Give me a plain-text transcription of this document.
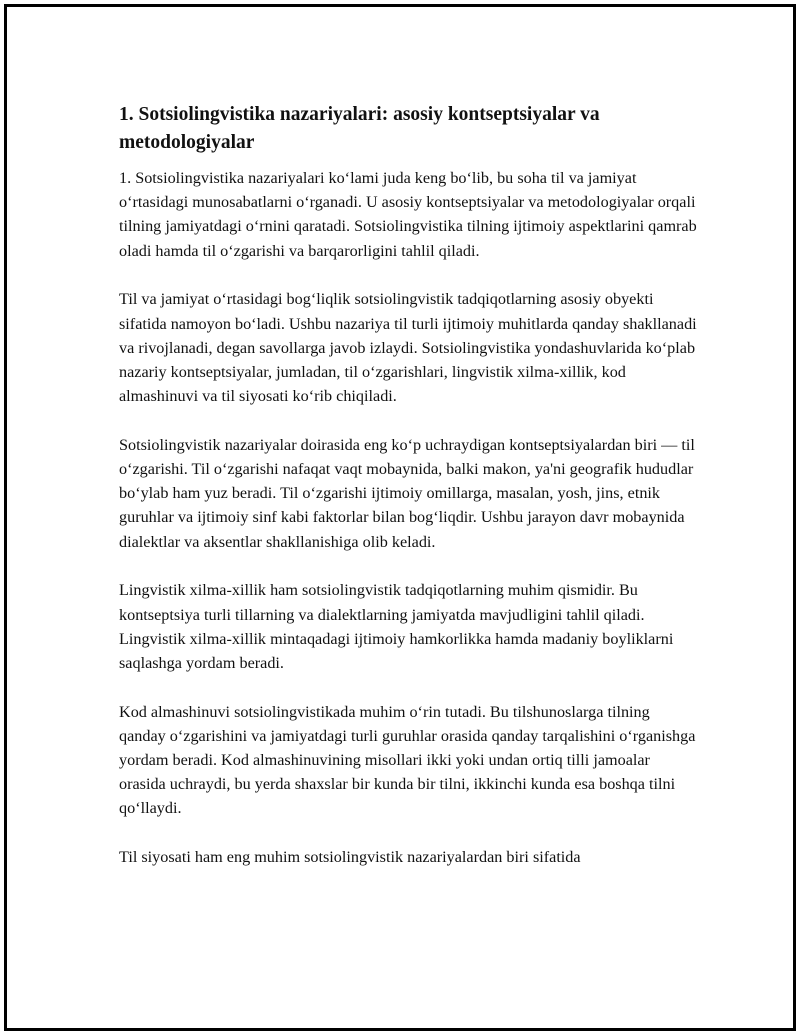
1. Sotsiolingvistika nazariyalari: asosiy kontseptsiyalar va metodologiyalar

1. Sotsiolingvistika nazariyalari ko‘lami juda keng bo‘lib, bu soha til va jamiyat o‘rtasidagi munosabatlarni o‘rganadi. U asosiy kontseptsiyalar va metodologiyalar orqali tilning jamiyatdagi o‘rnini qaratadi. Sotsiolingvistika tilning ijtimoiy aspektlarini qamrab oladi hamda til o‘zgarishi va barqarorligini tahlil qiladi.

Til va jamiyat o‘rtasidagi bog‘liqlik sotsiolingvistik tadqiqotlarning asosiy obyekti sifatida namoyon bo‘ladi. Ushbu nazariya til turli ijtimoiy muhitlarda qanday shakllanadi va rivojlanadi, degan savollarga javob izlaydi. Sotsiolingvistika yondashuvlarida ko‘plab nazariy kontseptsiyalar, jumladan, til o‘zgarishlari, lingvistik xilma-xillik, kod almashinuvi va til siyosati ko‘rib chiqiladi.

Sotsiolingvistik nazariyalar doirasida eng ko‘p uchraydigan kontseptsiyalardan biri — til o‘zgarishi. Til o‘zgarishi nafaqat vaqt mobaynida, balki makon, ya'ni geografik hududlar bo‘ylab ham yuz beradi. Til o‘zgarishi ijtimoiy omillarga, masalan, yosh, jins, etnik guruhlar va ijtimoiy sinf kabi faktorlar bilan bog‘liqdir. Ushbu jarayon davr mobaynida dialektlar va aksentlar shakllanishiga olib keladi.

Lingvistik xilma-xillik ham sotsiolingvistik tadqiqotlarning muhim qismidir. Bu kontseptsiya turli tillarning va dialektlarning jamiyatda mavjudligini tahlil qiladi. Lingvistik xilma-xillik mintaqadagi ijtimoiy hamkorlikka hamda madaniy boyliklarni saqlashga yordam beradi.

Kod almashinuvi sotsiolingvistikada muhim o‘rin tutadi. Bu tilshunoslarga tilning qanday o‘zgarishini va jamiyatdagi turli guruhlar orasida qanday tarqalishini o‘rganishga yordam beradi. Kod almashinuvining misollari ikki yoki undan ortiq tilli jamoalar orasida uchraydi, bu yerda shaxslar bir kunda bir tilni, ikkinchi kunda esa boshqa tilni qo‘llaydi.

Til siyosati ham eng muhim sotsiolingvistik nazariyalardan biri sifatida
